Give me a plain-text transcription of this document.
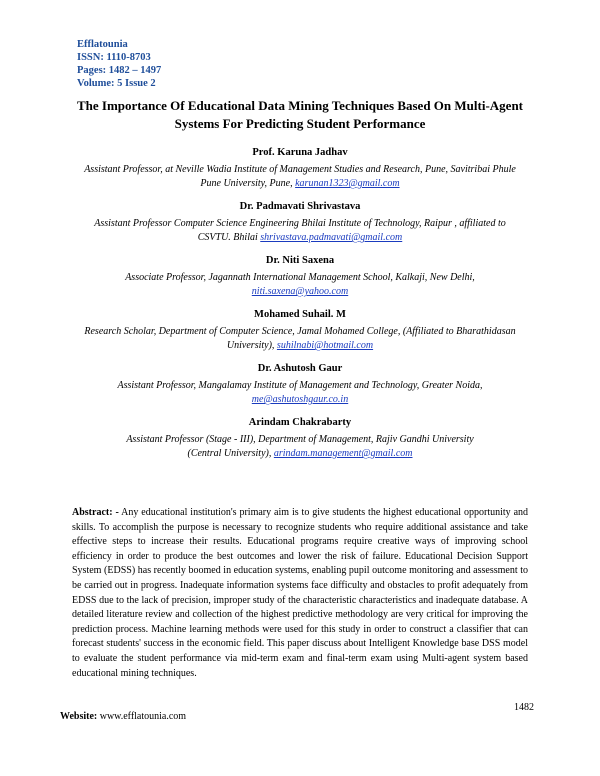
Efflatounia
ISSN: 1110-8703
Pages: 1482 – 1497
Volume: 5 Issue 2
The Importance Of Educational Data Mining Techniques Based On Multi-Agent
Systems For Predicting Student Performance
Prof. Karuna Jadhav
Assistant Professor, at Neville Wadia Institute of Management Studies and Research, Pune, Savitribai Phule
Pune University, Pune, karunan1323@gmail.com
Dr. Padmavati Shrivastava
Assistant Professor Computer Science Engineering Bhilai Institute of Technology, Raipur , affiliated to
CSVTU. Bhilai shrivastava.padmavati@gmail.com
Dr. Niti Saxena
Associate Professor, Jagannath International Management School, Kalkaji, New Delhi,
niti.saxena@yahoo.com
Mohamed Suhail. M
Research Scholar, Department of Computer Science, Jamal Mohamed College, (Affiliated to Bharathidasan
University), suhilnabi@hotmail.com
Dr. Ashutosh Gaur
Assistant Professor, Mangalamay Institute of Management and Technology, Greater Noida,
me@ashutoshgaur.co.in
Arindam Chakrabarty
Assistant Professor (Stage - III), Department of Management, Rajiv Gandhi University
(Central University), arindam.management@gmail.com
Abstract: - Any educational institution's primary aim is to give students the highest educational opportunity and skills. To accomplish the purpose is necessary to recognize students who require additional assistance and take effective steps to increase their results. Educational programs require creative ways of improving school efficiency in order to produce the best outcomes and lower the risk of failure. Educational Decision Support System (EDSS) has recently boomed in education systems, enabling pupil outcome monitoring and assessment to be carried out in progress. Inadequate information systems face difficulty and obstacles to profit adequately from EDSS due to the lack of precision, improper study of the characteristic characteristics and inadequate database. A detailed literature review and collection of the highest predictive methodology are very critical for improving the prediction process. Machine learning methods were used for this study in order to construct a classifier that can forecast students' success in the economic field. This paper discuss about Intelligent Knowledge base DSS model to evaluate the student performance via mid-term exam and final-term exam using Multi-agent system based educational mining techniques.
1482
Website: www.efflatounia.com
